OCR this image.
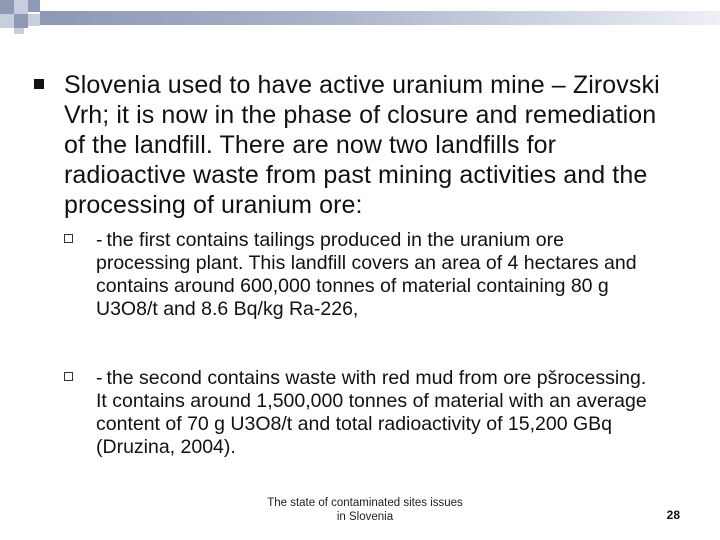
Slovenia used to have active uranium mine – Zirovski Vrh; it is now in the phase of closure and remediation of the landfill. There are now two landfills for radioactive waste from past mining activities and the processing of uranium ore:
- the first contains tailings produced in the uranium ore processing plant. This landfill covers an area of 4 hectares and contains around 600,000 tonnes of material containing 80 g U3O8/t and 8.6 Bq/kg Ra-226,
- the second contains waste with red mud from ore pšrocessing. It contains around 1,500,000 tonnes of material with an average content of 70 g U3O8/t and total radioactivity of 15,200 GBq (Druzina, 2004).
The state of contaminated sites issues
in Slovenia	28
